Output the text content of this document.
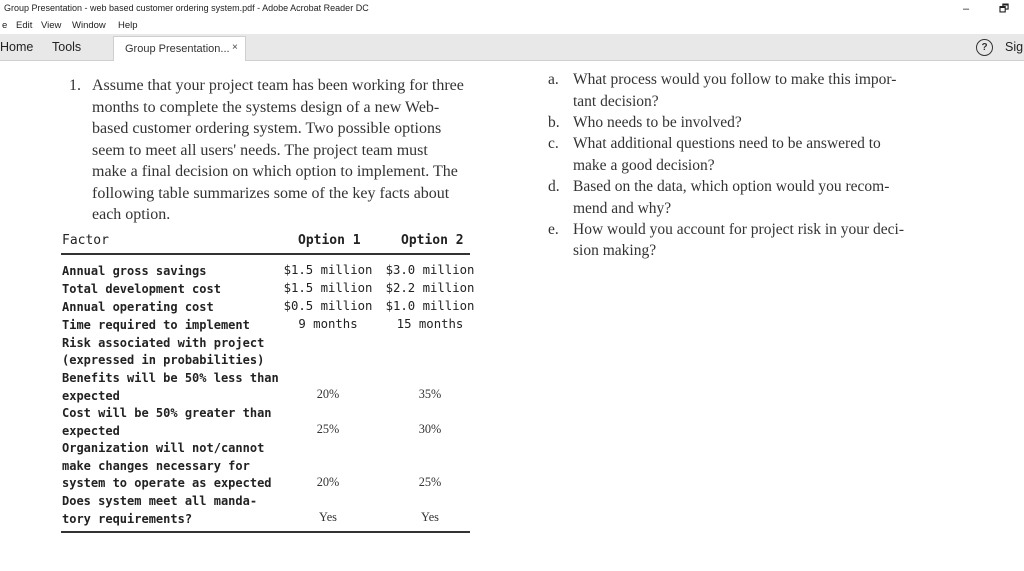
Group Presentation - web based customer ordering system.pdf - Adobe Acrobat Reader DC	–	🗗
e Edit View Window Help
Home Tools	Group Presentation... ×	?	Sig
1. Assume that your project team has been working for three
months to complete the systems design of a new Web-
based customer ordering system. Two possible options
seem to meet all users' needs. The project team must
make a final decision on which option to implement. The
following table summarizes some of the key facts about
each option.
Factor	Option 1	Option 2
Annual gross savings	$1.5 million $3.0 million
Total development cost	$1.5 million $2.2 million
Annual operating cost	$0.5 million $1.0 million
Time required to implement	9 months	15 months
Risk associated with project
(expressed in probabilities)
Benefits will be 50% less than
expected	20%	35%
Cost will be 50% greater than
expected	25%	30%
Organization will not/cannot
make changes necessary for
system to operate as expected	20%	25%
Does system meet all manda-
tory requirements?	Yes	Yes
a. What process would you follow to make this impor-
tant decision?
b. Who needs to be involved?
c. What additional questions need to be answered to
make a good decision?
d. Based on the data, which option would you recom-
mend and why?
e. How would you account for project risk in your deci-
sion making?
